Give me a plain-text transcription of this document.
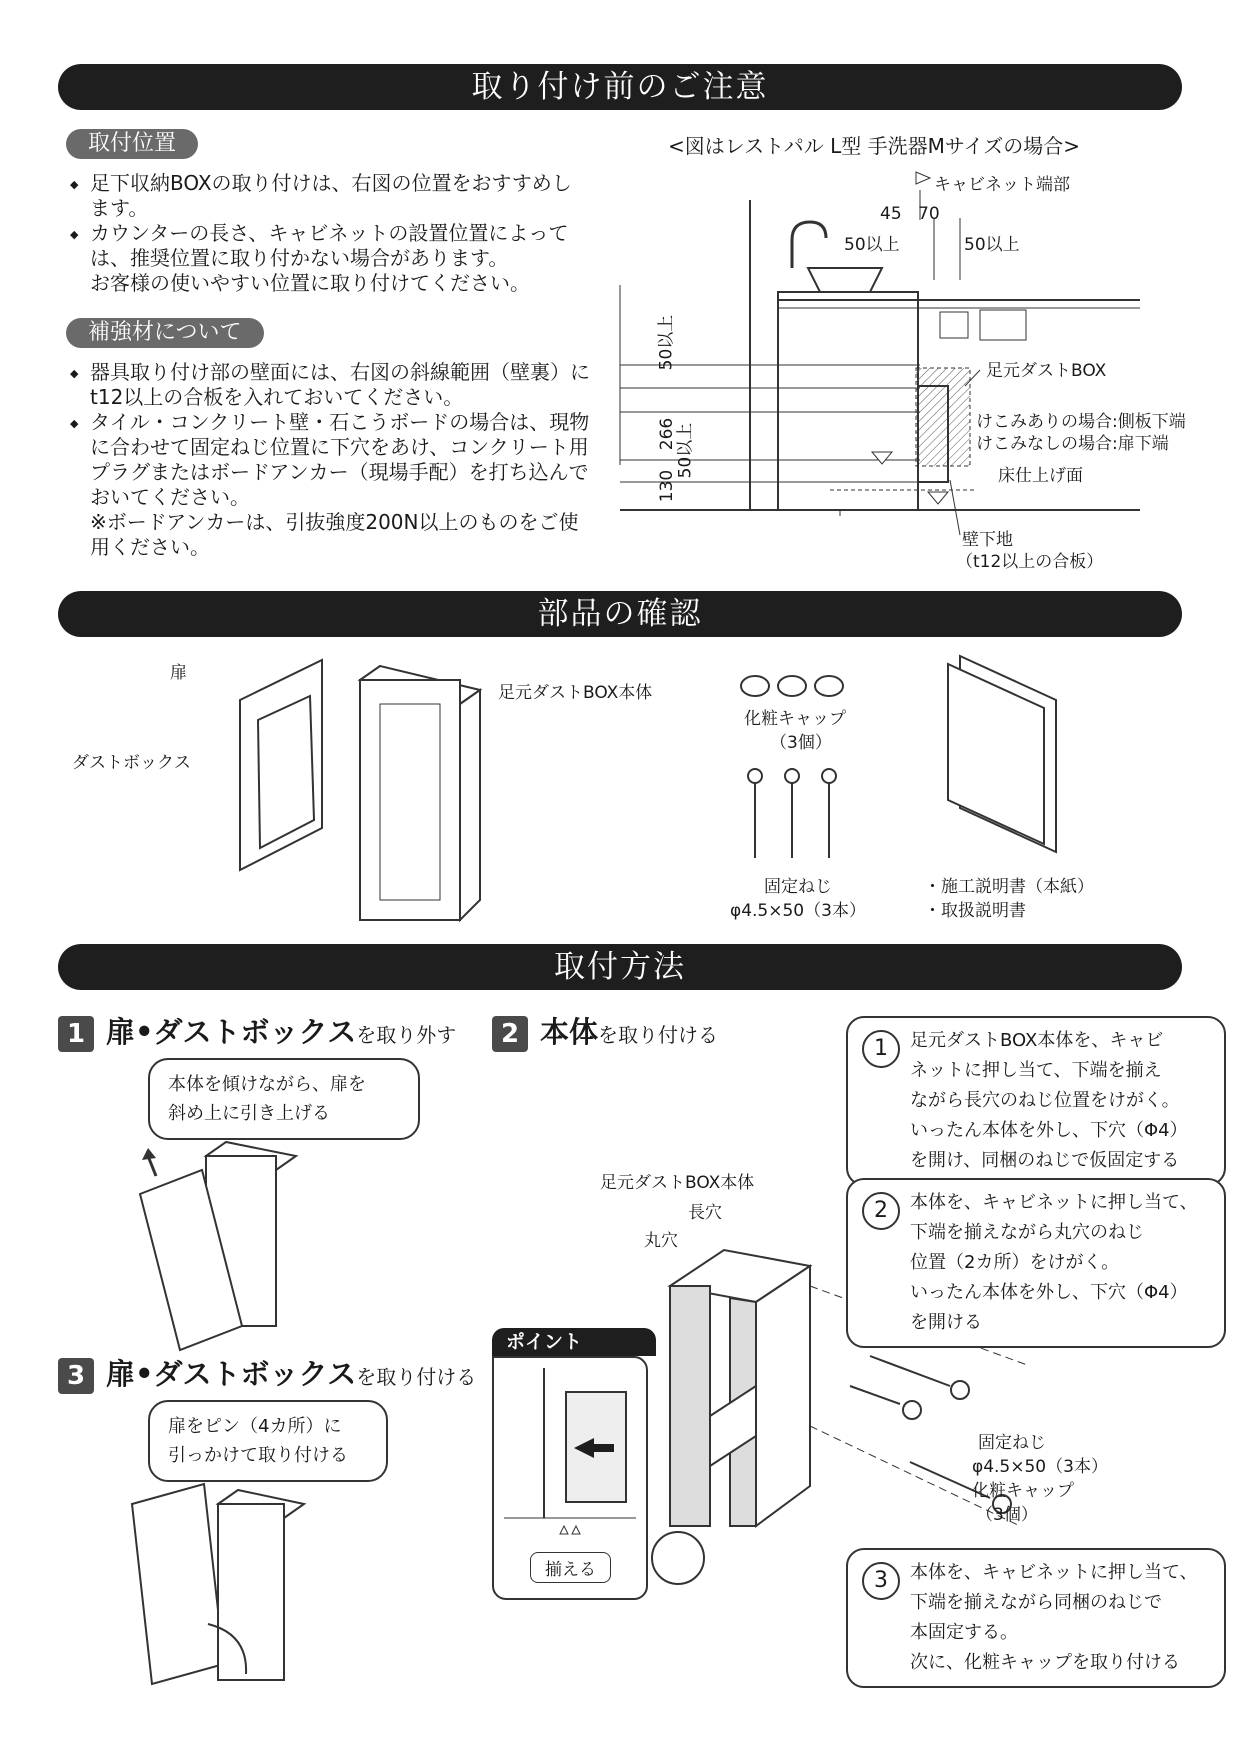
取り付け前のご注意
取付位置
◆ 足下収納BOXの取り付けは、右図の位置をおすすめします。
◆ カウンターの長さ、キャビネットの設置位置によっては、推奨位置に取り付かない場合があります。
お客様の使いやすい位置に取り付けてください。
補強材について
◆ 器具取り付け部の壁面には、右図の斜線範囲（壁裏）にt12以上の合板を入れておいてください。
◆ タイル・コンクリート壁・石こうボードの場合は、現物に合わせて固定ねじ位置に下穴をあけ、コンクリート用プラグまたはボードアンカー（現場手配）を打ち込んでおいてください。
※ボードアンカーは、引抜強度200N以上のものをご使用ください。
<図はレストパル L型 手洗器Mサイズの場合>
キャビネット端部
45 70
50以上	50以上
50以上
266
50以上
130
足元ダストBOX
けこみありの場合:側板下端
けこみなしの場合:扉下端
床仕上げ面
壁下地
（t12以上の合板）
部品の確認
扉
ダストボックス
足元ダストBOX本体
化粧キャップ
（3個）
固定ねじ
φ4.5×50（3本）
・施工説明書（本紙）
・取扱説明書
取付方法
1 扉•ダストボックスを取り外す
本体を傾けながら、扉を
斜め上に引き上げる
3 扉•ダストボックスを取り付ける
扉をピン（4カ所）に
引っかけて取り付ける
2 本体を取り付ける
足元ダストBOX本体
長穴
丸穴
固定ねじ
φ4.5×50（3本）
化粧キャップ
（3個）
ポイント
揃える
1	足元ダストBOX本体を、キャビ
ネットに押し当て、下端を揃え
ながら長穴のねじ位置をけがく。
いったん本体を外し、下穴（Φ4）
を開け、同梱のねじで仮固定する
2	本体を、キャビネットに押し当て、
下端を揃えながら丸穴のねじ
位置（2カ所）をけがく。
いったん本体を外し、下穴（Φ4）
を開ける
3	本体を、キャビネットに押し当て、
下端を揃えながら同梱のねじで
本固定する。
次に、化粧キャップを取り付ける
